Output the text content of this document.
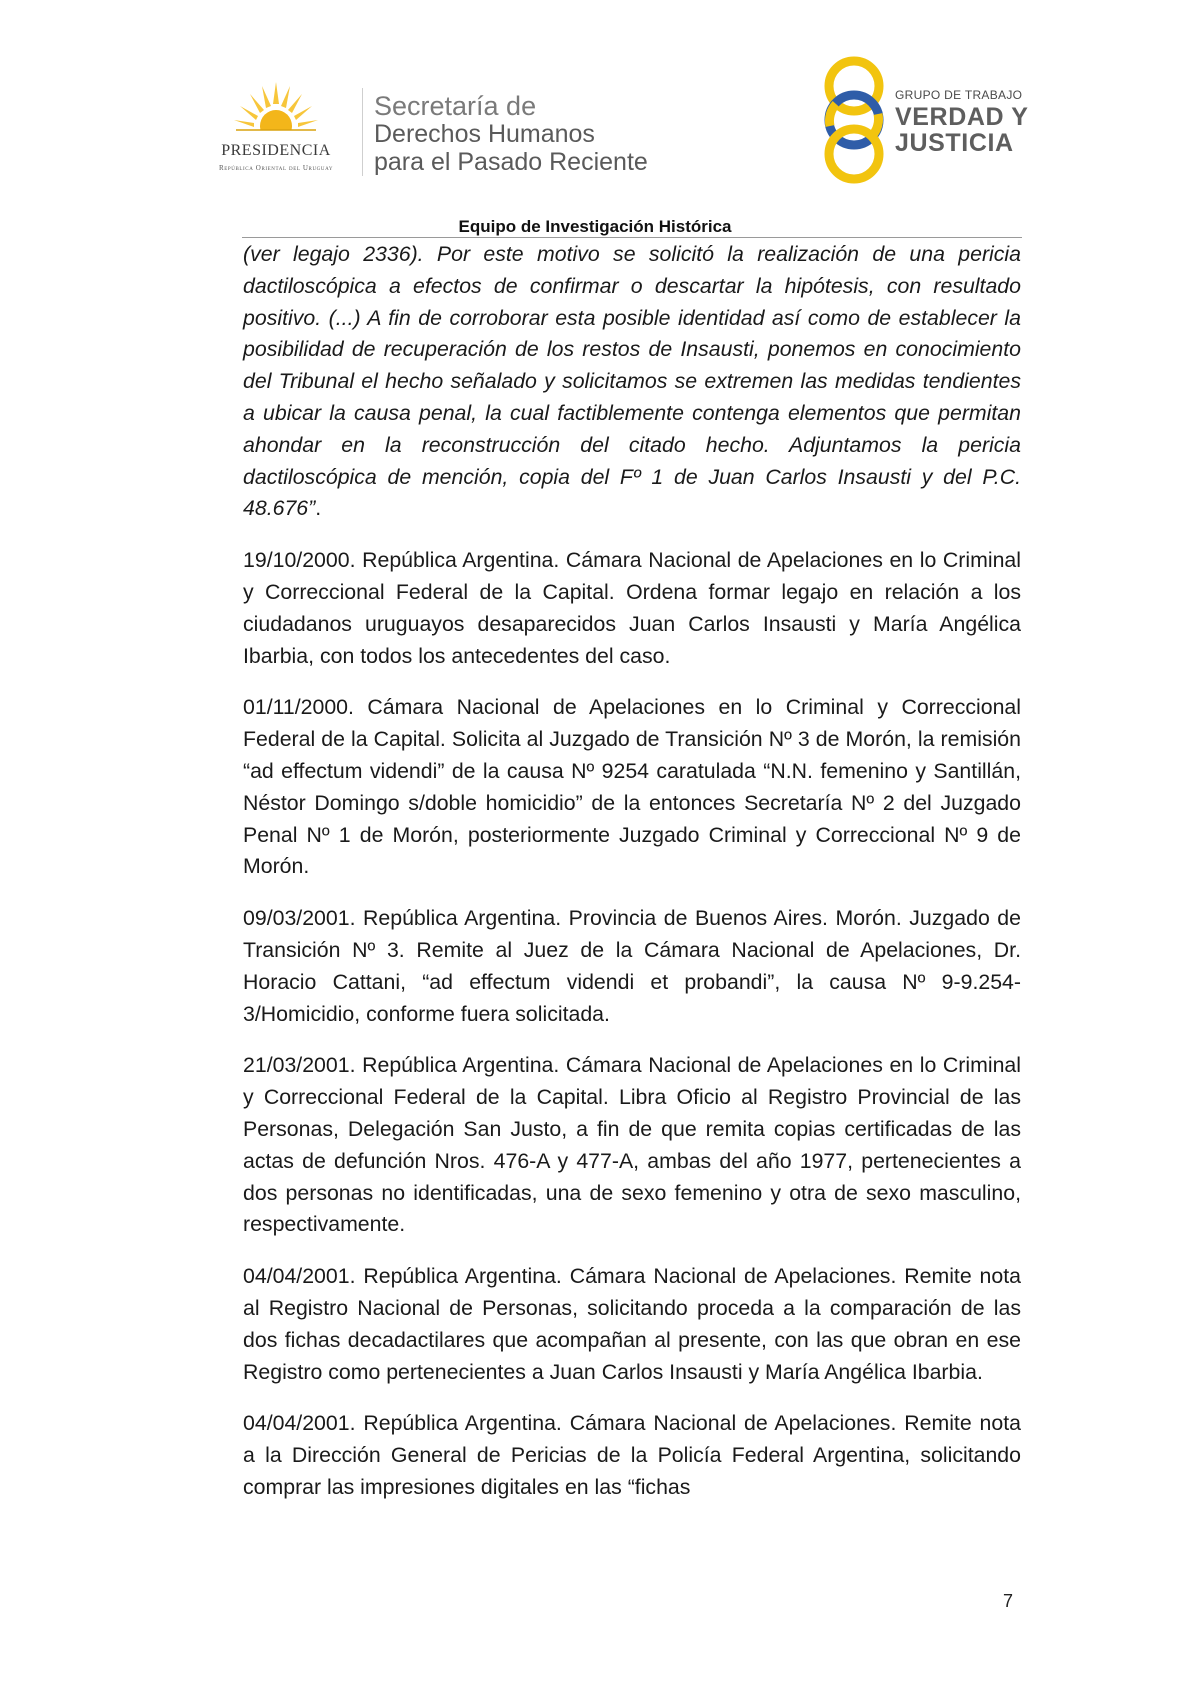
PRESIDENCIA
República Oriental del Uruguay
Secretaría de
Derechos Humanos
para el Pasado Reciente
GRUPO DE TRABAJO
VERDAD Y
JUSTICIA
Equipo de Investigación Histórica

(ver legajo 2336). Por este motivo se solicitó la realización de una pericia dactiloscópica a efectos de confirmar o descartar la hipótesis, con resultado positivo. (...) A fin de corroborar esta posible identidad así como de establecer la posibilidad de recuperación de los restos de Insausti, ponemos en conocimiento del Tribunal el hecho señalado y solicitamos se extremen las medidas tendientes a ubicar la causa penal, la cual factiblemente contenga elementos que permitan ahondar en la reconstrucción del citado hecho. Adjuntamos la pericia dactiloscópica de mención, copia del Fº 1 de Juan Carlos Insausti y del P.C. 48.676”.

19/10/2000. República Argentina. Cámara Nacional de Apelaciones en lo Criminal y Correccional Federal de la Capital. Ordena formar legajo en relación a los ciudadanos uruguayos desaparecidos Juan Carlos Insausti y María Angélica Ibarbia, con todos los antecedentes del caso.

01/11/2000. Cámara Nacional de Apelaciones en lo Criminal y Correccional Federal de la Capital. Solicita al Juzgado de Transición Nº 3 de Morón, la remisión “ad effectum videndi” de la causa Nº 9254 caratulada “N.N. femenino y Santillán, Néstor Domingo s/doble homicidio” de la entonces Secretaría Nº 2 del Juzgado Penal Nº 1 de Morón, posteriormente Juzgado Criminal y Correccional Nº 9 de Morón.

09/03/2001. República Argentina. Provincia de Buenos Aires. Morón. Juzgado de Transición Nº 3. Remite al Juez de la Cámara Nacional de Apelaciones, Dr. Horacio Cattani, “ad effectum videndi et probandi”, la causa Nº 9-9.254-3/Homicidio, conforme fuera solicitada.

21/03/2001. República Argentina. Cámara Nacional de Apelaciones en lo Criminal y Correccional Federal de la Capital. Libra Oficio al Registro Provincial de las Personas, Delegación San Justo, a fin de que remita copias certificadas de las actas de defunción Nros. 476-A y 477-A, ambas del año 1977, pertenecientes a dos personas no identificadas, una de sexo femenino y otra de sexo masculino, respectivamente.

04/04/2001. República Argentina. Cámara Nacional de Apelaciones. Remite nota al Registro Nacional de Personas, solicitando proceda a la comparación de las dos fichas decadactilares que acompañan al presente, con las que obran en ese Registro como pertenecientes a Juan Carlos Insausti y María Angélica Ibarbia.

04/04/2001. República Argentina. Cámara Nacional de Apelaciones. Remite nota a la Dirección General de Pericias de la Policía Federal Argentina, solicitando comprar las impresiones digitales en las “fichas

7
